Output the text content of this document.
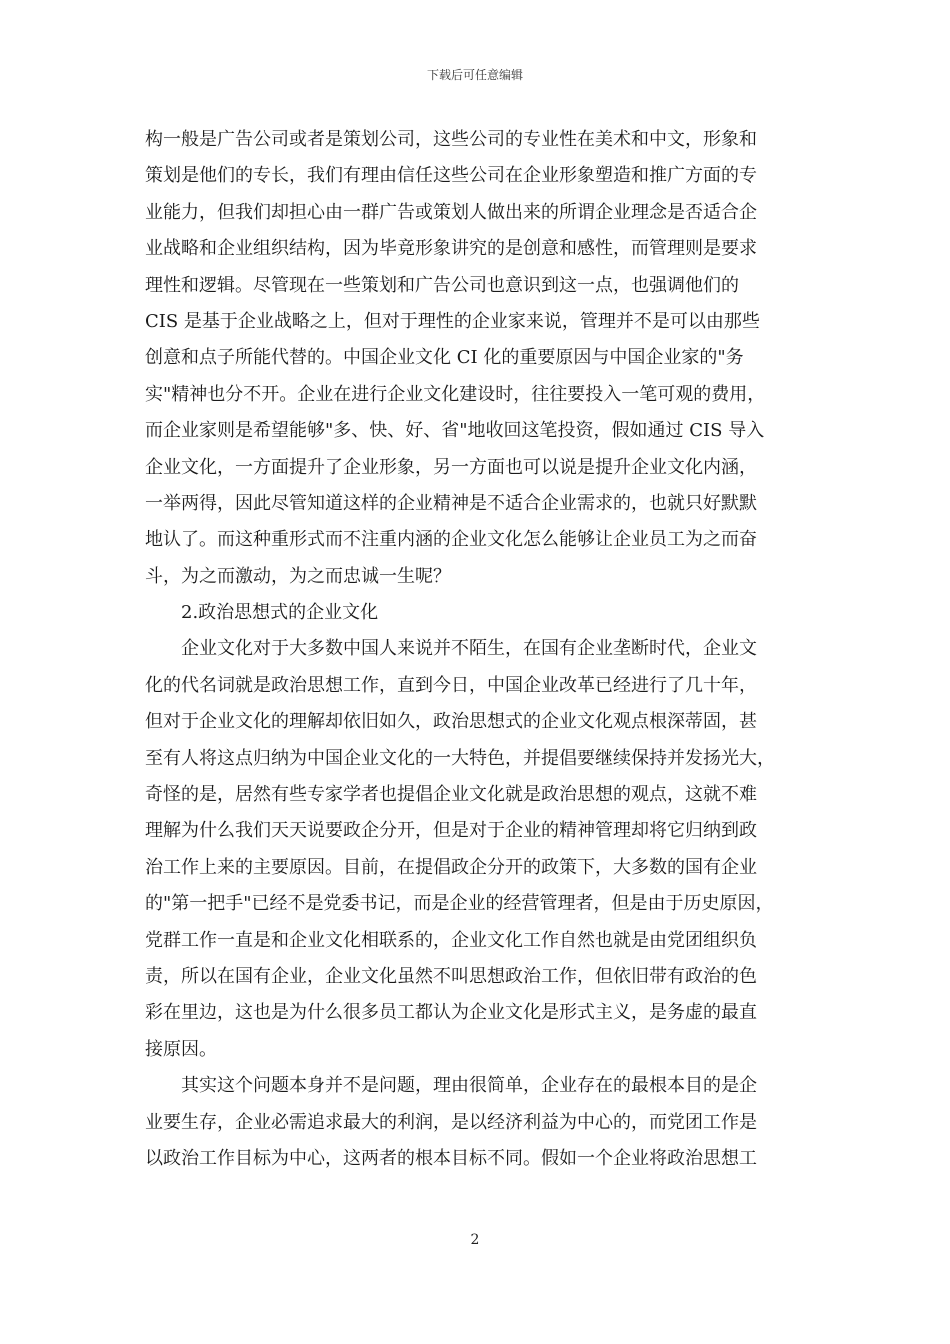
下载后可任意编辑
构一般是广告公司或者是策划公司，这些公司的专业性在美术和中文，形象和
策划是他们的专长，我们有理由信任这些公司在企业形象塑造和推广方面的专
业能力，但我们却担心由一群广告或策划人做出来的所谓企业理念是否适合企
业战略和企业组织结构，因为毕竟形象讲究的是创意和感性，而管理则是要求
理性和逻辑。尽管现在一些策划和广告公司也意识到这一点，也强调他们的
CIS 是基于企业战略之上，但对于理性的企业家来说，管理并不是可以由那些
创意和点子所能代替的。中国企业文化 CI 化的重要原因与中国企业家的"务
实"精神也分不开。企业在进行企业文化建设时，往往要投入一笔可观的费用，
而企业家则是希望能够"多、快、好、省"地收回这笔投资，假如通过 CIS 导入
企业文化，一方面提升了企业形象，另一方面也可以说是提升企业文化内涵，
一举两得，因此尽管知道这样的企业精神是不适合企业需求的，也就只好默默
地认了。而这种重形式而不注重内涵的企业文化怎么能够让企业员工为之而奋
斗，为之而激动，为之而忠诚一生呢？
2.政治思想式的企业文化
企业文化对于大多数中国人来说并不陌生，在国有企业垄断时代，企业文
化的代名词就是政治思想工作，直到今日，中国企业改革已经进行了几十年，
但对于企业文化的理解却依旧如久，政治思想式的企业文化观点根深蒂固，甚
至有人将这点归纳为中国企业文化的一大特色，并提倡要继续保持并发扬光大，
奇怪的是，居然有些专家学者也提倡企业文化就是政治思想的观点，这就不难
理解为什么我们天天说要政企分开，但是对于企业的精神管理却将它归纳到政
治工作上来的主要原因。目前，在提倡政企分开的政策下，大多数的国有企业
的"第一把手"已经不是党委书记，而是企业的经营管理者，但是由于历史原因，
党群工作一直是和企业文化相联系的，企业文化工作自然也就是由党团组织负
责，所以在国有企业，企业文化虽然不叫思想政治工作，但依旧带有政治的色
彩在里边，这也是为什么很多员工都认为企业文化是形式主义，是务虚的最直
接原因。
其实这个问题本身并不是问题，理由很简单，企业存在的最根本目的是企
业要生存，企业必需追求最大的利润，是以经济利益为中心的，而党团工作是
以政治工作目标为中心，这两者的根本目标不同。假如一个企业将政治思想工
2
